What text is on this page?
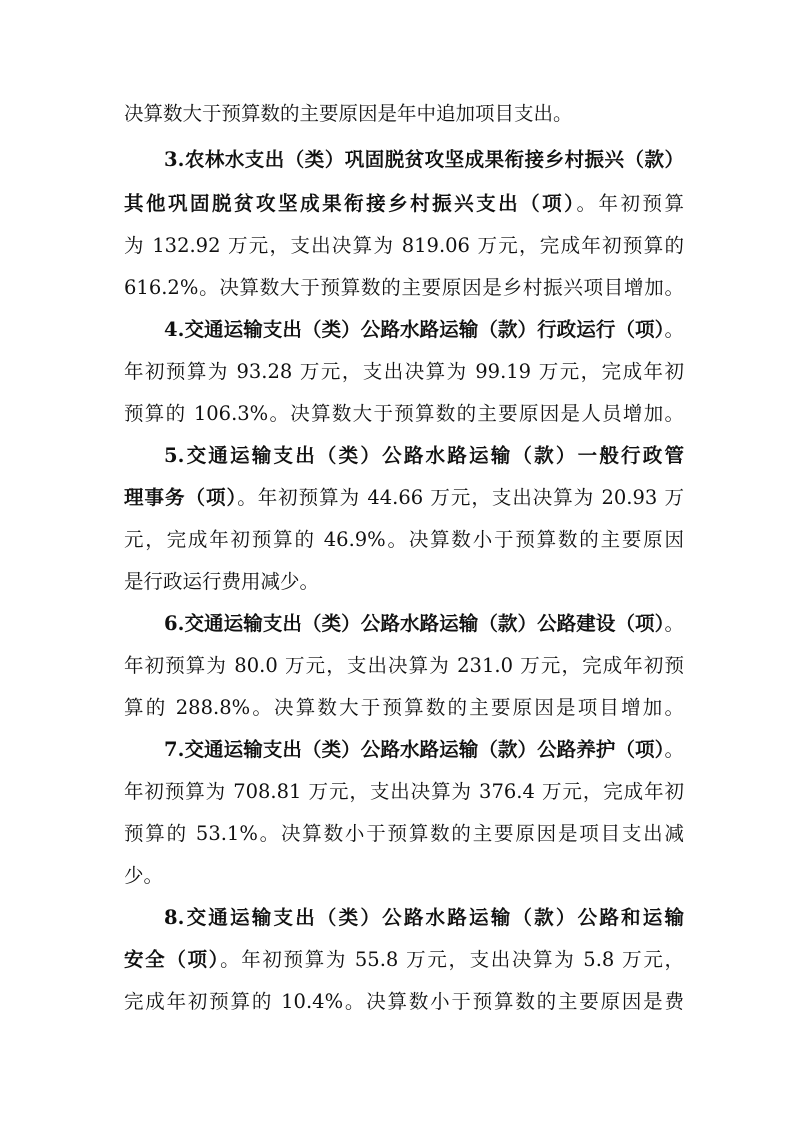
决算数大于预算数的主要原因是年中追加项目支出。
3.农林水支出（类）巩固脱贫攻坚成果衔接乡村振兴（款）
其他巩固脱贫攻坚成果衔接乡村振兴支出（项）。年初预算
为 132.92 万元，支出决算为 819.06 万元，完成年初预算的
616.2%。决算数大于预算数的主要原因是乡村振兴项目增加。
4.交通运输支出（类）公路水路运输（款）行政运行（项）。
年初预算为 93.28 万元，支出决算为 99.19 万元，完成年初
预算的 106.3%。决算数大于预算数的主要原因是人员增加。
5.交通运输支出（类）公路水路运输（款）一般行政管
理事务（项）。年初预算为 44.66 万元，支出决算为 20.93 万
元，完成年初预算的 46.9%。决算数小于预算数的主要原因
是行政运行费用减少。
6.交通运输支出（类）公路水路运输（款）公路建设（项）。
年初预算为 80.0 万元，支出决算为 231.0 万元，完成年初预
算的 288.8%。决算数大于预算数的主要原因是项目增加。
7.交通运输支出（类）公路水路运输（款）公路养护（项）。
年初预算为 708.81 万元，支出决算为 376.4 万元，完成年初
预算的 53.1%。决算数小于预算数的主要原因是项目支出减
少。
8.交通运输支出（类）公路水路运输（款）公路和运输
安全（项）。年初预算为 55.8 万元，支出决算为 5.8 万元，
完成年初预算的 10.4%。决算数小于预算数的主要原因是费
